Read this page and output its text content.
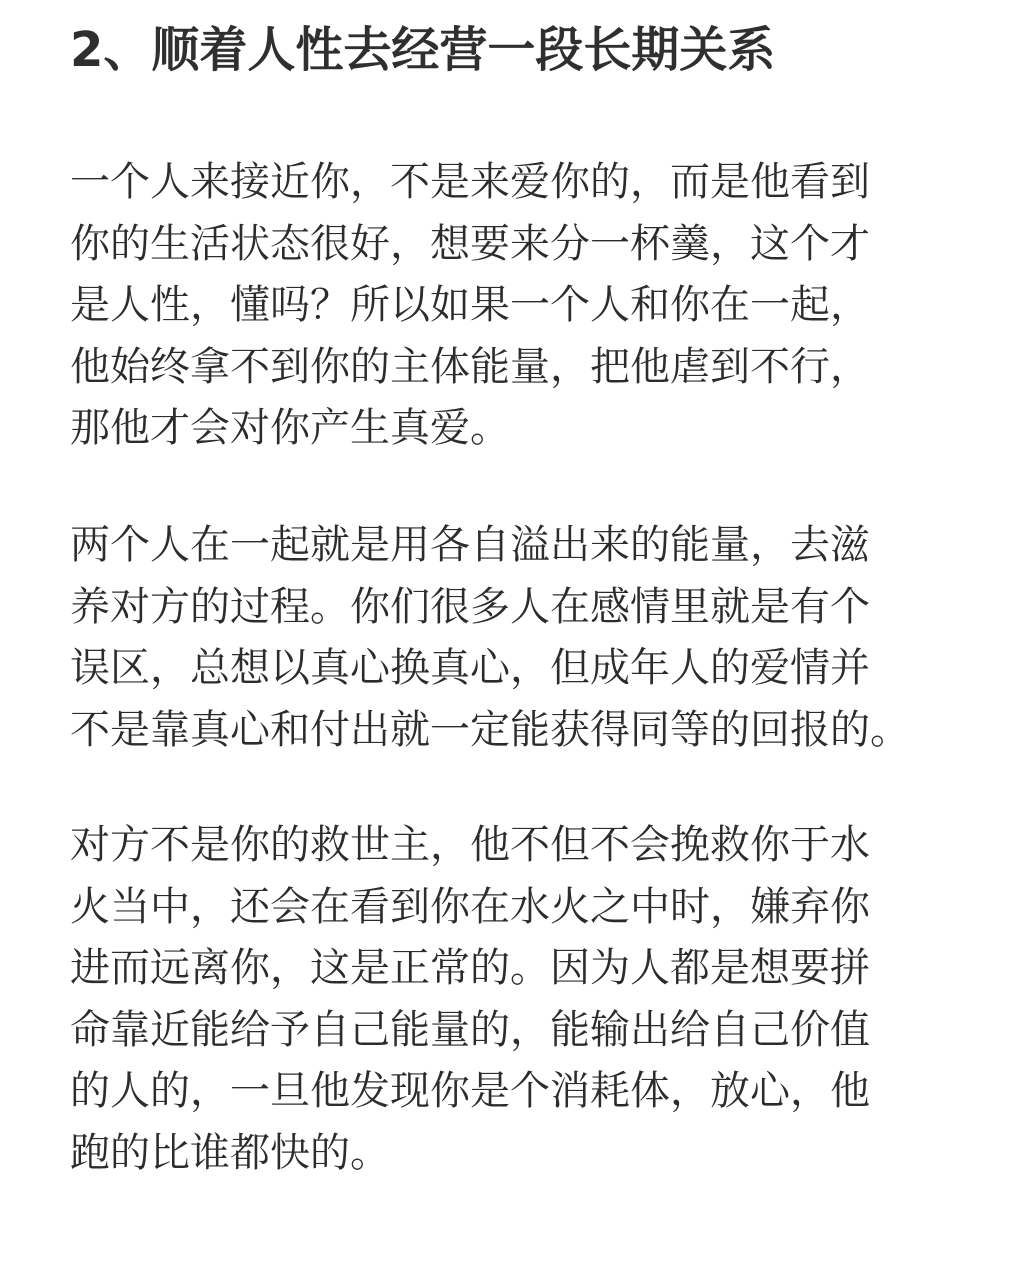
2、顺着人性去经营一段长期关系
一个人来接近你，不是来爱你的，而是他看到
你的生活状态很好，想要来分一杯羹，这个才
是人性，懂吗？所以如果一个人和你在一起，
他始终拿不到你的主体能量，把他虐到不行，
那他才会对你产生真爱。
两个人在一起就是用各自溢出来的能量，去滋
养对方的过程。你们很多人在感情里就是有个
误区，总想以真心换真心，但成年人的爱情并
不是靠真心和付出就一定能获得同等的回报的。
对方不是你的救世主，他不但不会挽救你于水
火当中，还会在看到你在水火之中时，嫌弃你
进而远离你，这是正常的。因为人都是想要拼
命靠近能给予自己能量的，能输出给自己价值
的人的，一旦他发现你是个消耗体，放心，他
跑的比谁都快的。
